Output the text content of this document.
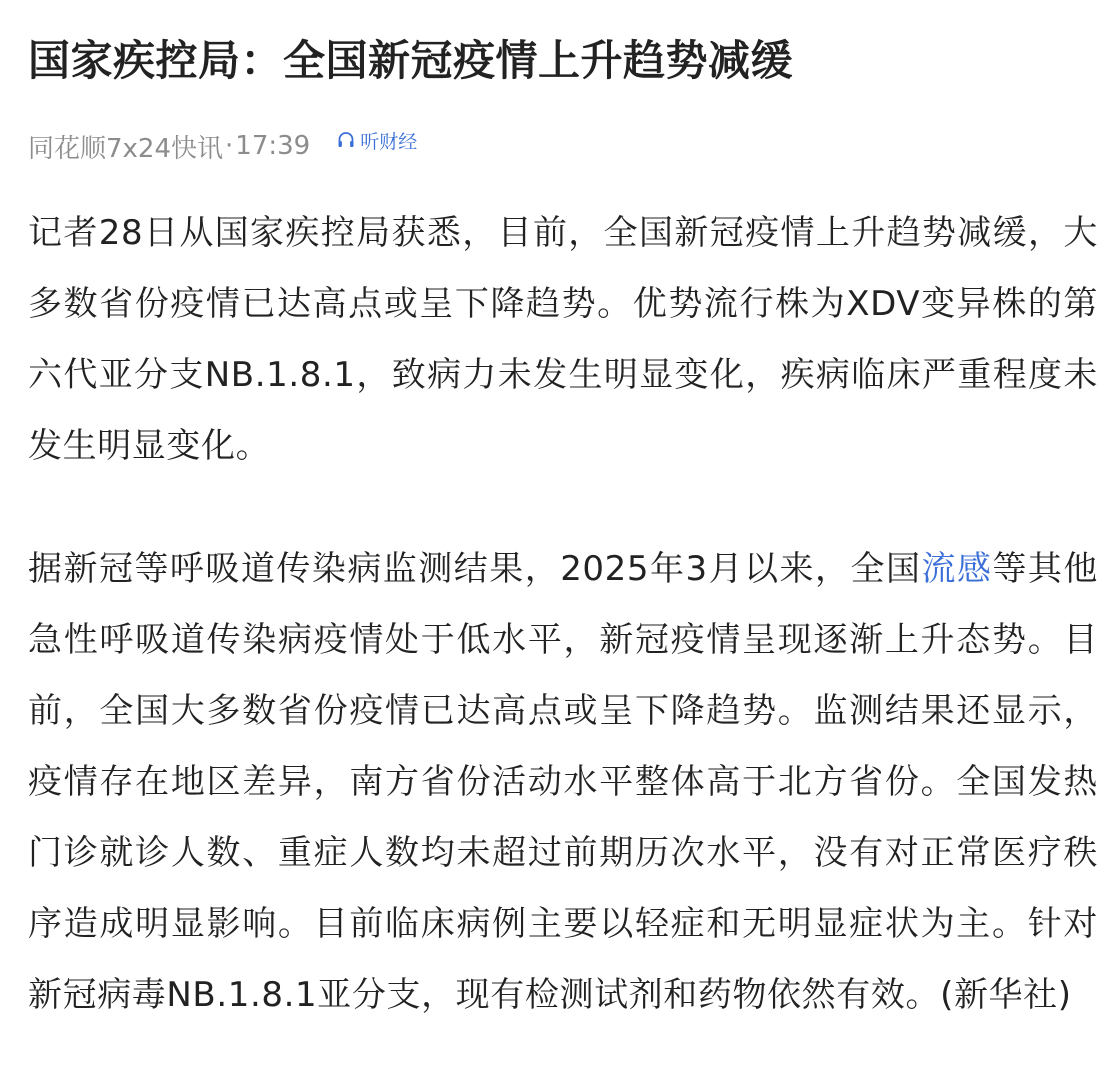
国家疾控局：全国新冠疫情上升趋势减缓
同花顺7x24快讯 · 17:39	听财经

记者28日从国家疾控局获悉，目前，全国新冠疫情上升趋势减缓，大多数省份疫情已达高点或呈下降趋势。优势流行株为XDV变异株的第六代亚分支NB.1.8.1，致病力未发生明显变化，疾病临床严重程度未发生明显变化。

据新冠等呼吸道传染病监测结果，2025年3月以来，全国流感等其他急性呼吸道传染病疫情处于低水平，新冠疫情呈现逐渐上升态势。目前，全国大多数省份疫情已达高点或呈下降趋势。监测结果还显示，疫情存在地区差异，南方省份活动水平整体高于北方省份。全国发热门诊就诊人数、重症人数均未超过前期历次水平，没有对正常医疗秩序造成明显影响。目前临床病例主要以轻症和无明显症状为主。针对新冠病毒NB.1.8.1亚分支，现有检测试剂和药物依然有效。(新华社)
